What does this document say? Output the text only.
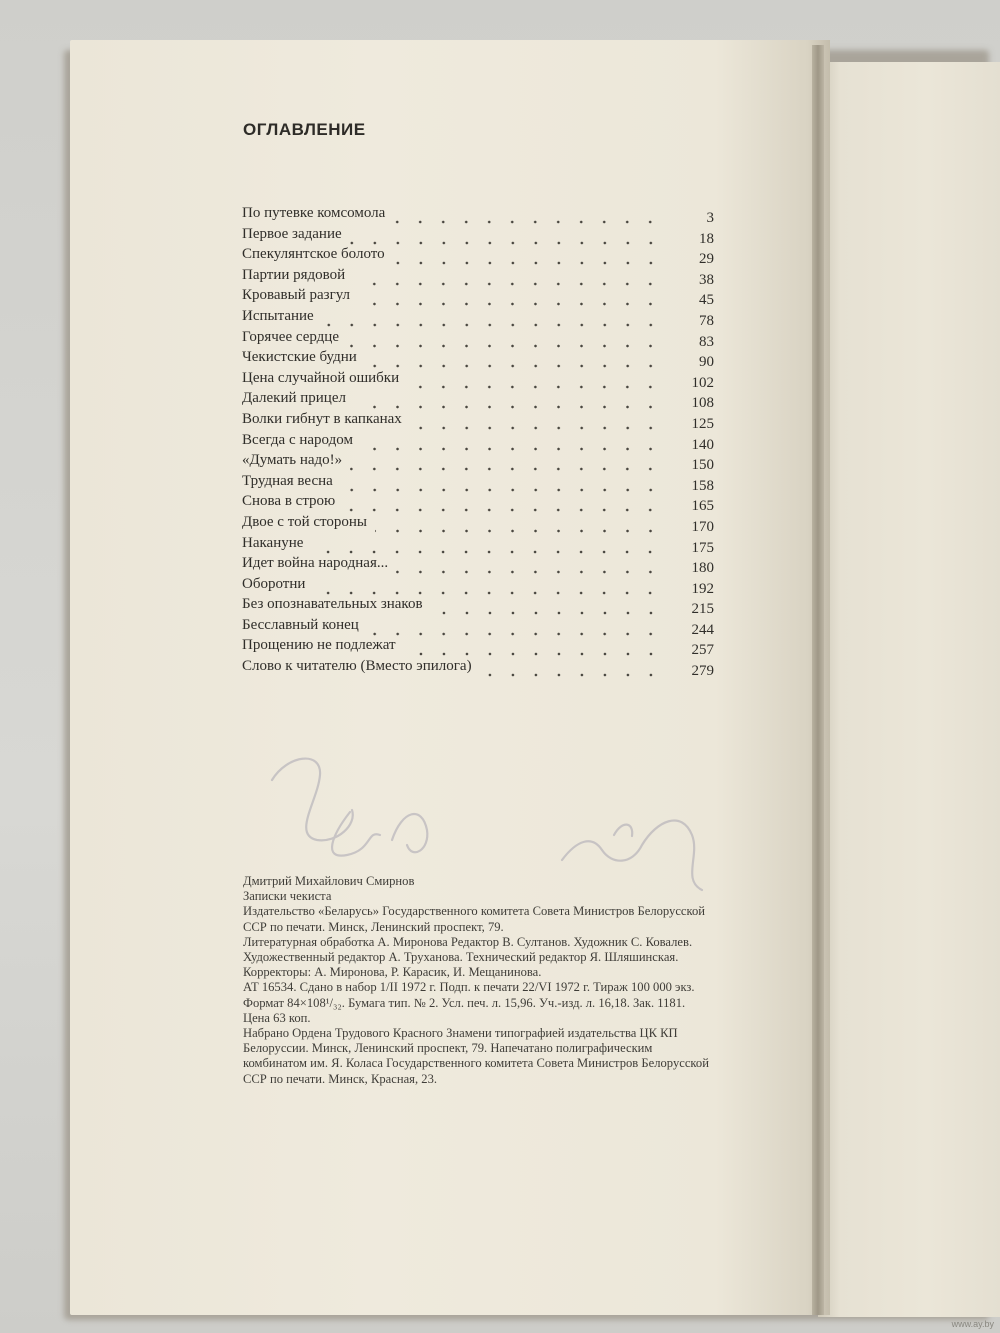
ОГЛАВЛЕНИЕ
По путевке комсомола	3
Первое задание	18
Спекулянтское болото	29
Партии рядовой	38
Кровавый разгул	45
Испытание	78
Горячее сердце	83
Чекистские будни	90
Цена случайной ошибки	102
Далекий прицел	108
Волки гибнут в капканах	125
Всегда с народом	140
«Думать надо!»	150
Трудная весна	158
Снова в строю	165
Двое с той стороны	170
Накануне	175
Идет война народная...	180
Оборотни	192
Без опознавательных знаков	215
Бесславный конец	244
Прощению не подлежат	257
Слово к читателю (Вместо эпилога)	279

Дмитрий Михайлович Смирнов

Записки чекиста

Издательство «Беларусь» Государственного комитета Совета Министров Белорусской ССР по печати. Минск, Ленинский проспект, 79.

Литературная обработка А. Миронова Редактор В. Султанов. Художник С. Ковалев. Художественный редактор А. Труханова. Технический редактор Я. Шляшинская. Корректоры: А. Миронова, Р. Карасик, И. Мещанинова.

АТ 16534. Сдано в набор 1/II 1972 г. Подп. к печати 22/VI 1972 г. Тираж 100 000 экз. Формат 84×108¹/₃₂. Бумага тип. № 2. Усл. печ. л. 15,96. Уч.-изд. л. 16,18. Зак. 1181. Цена 63 коп.

Набрано Ордена Трудового Красного Знамени типографией издательства ЦК КП Белоруссии. Минск, Ленинский проспект, 79. Напечатано полиграфическим комбинатом им. Я. Коласа Государственного комитета Совета Министров Белорусской ССР по печати. Минск, Красная, 23.

www.ay.by
